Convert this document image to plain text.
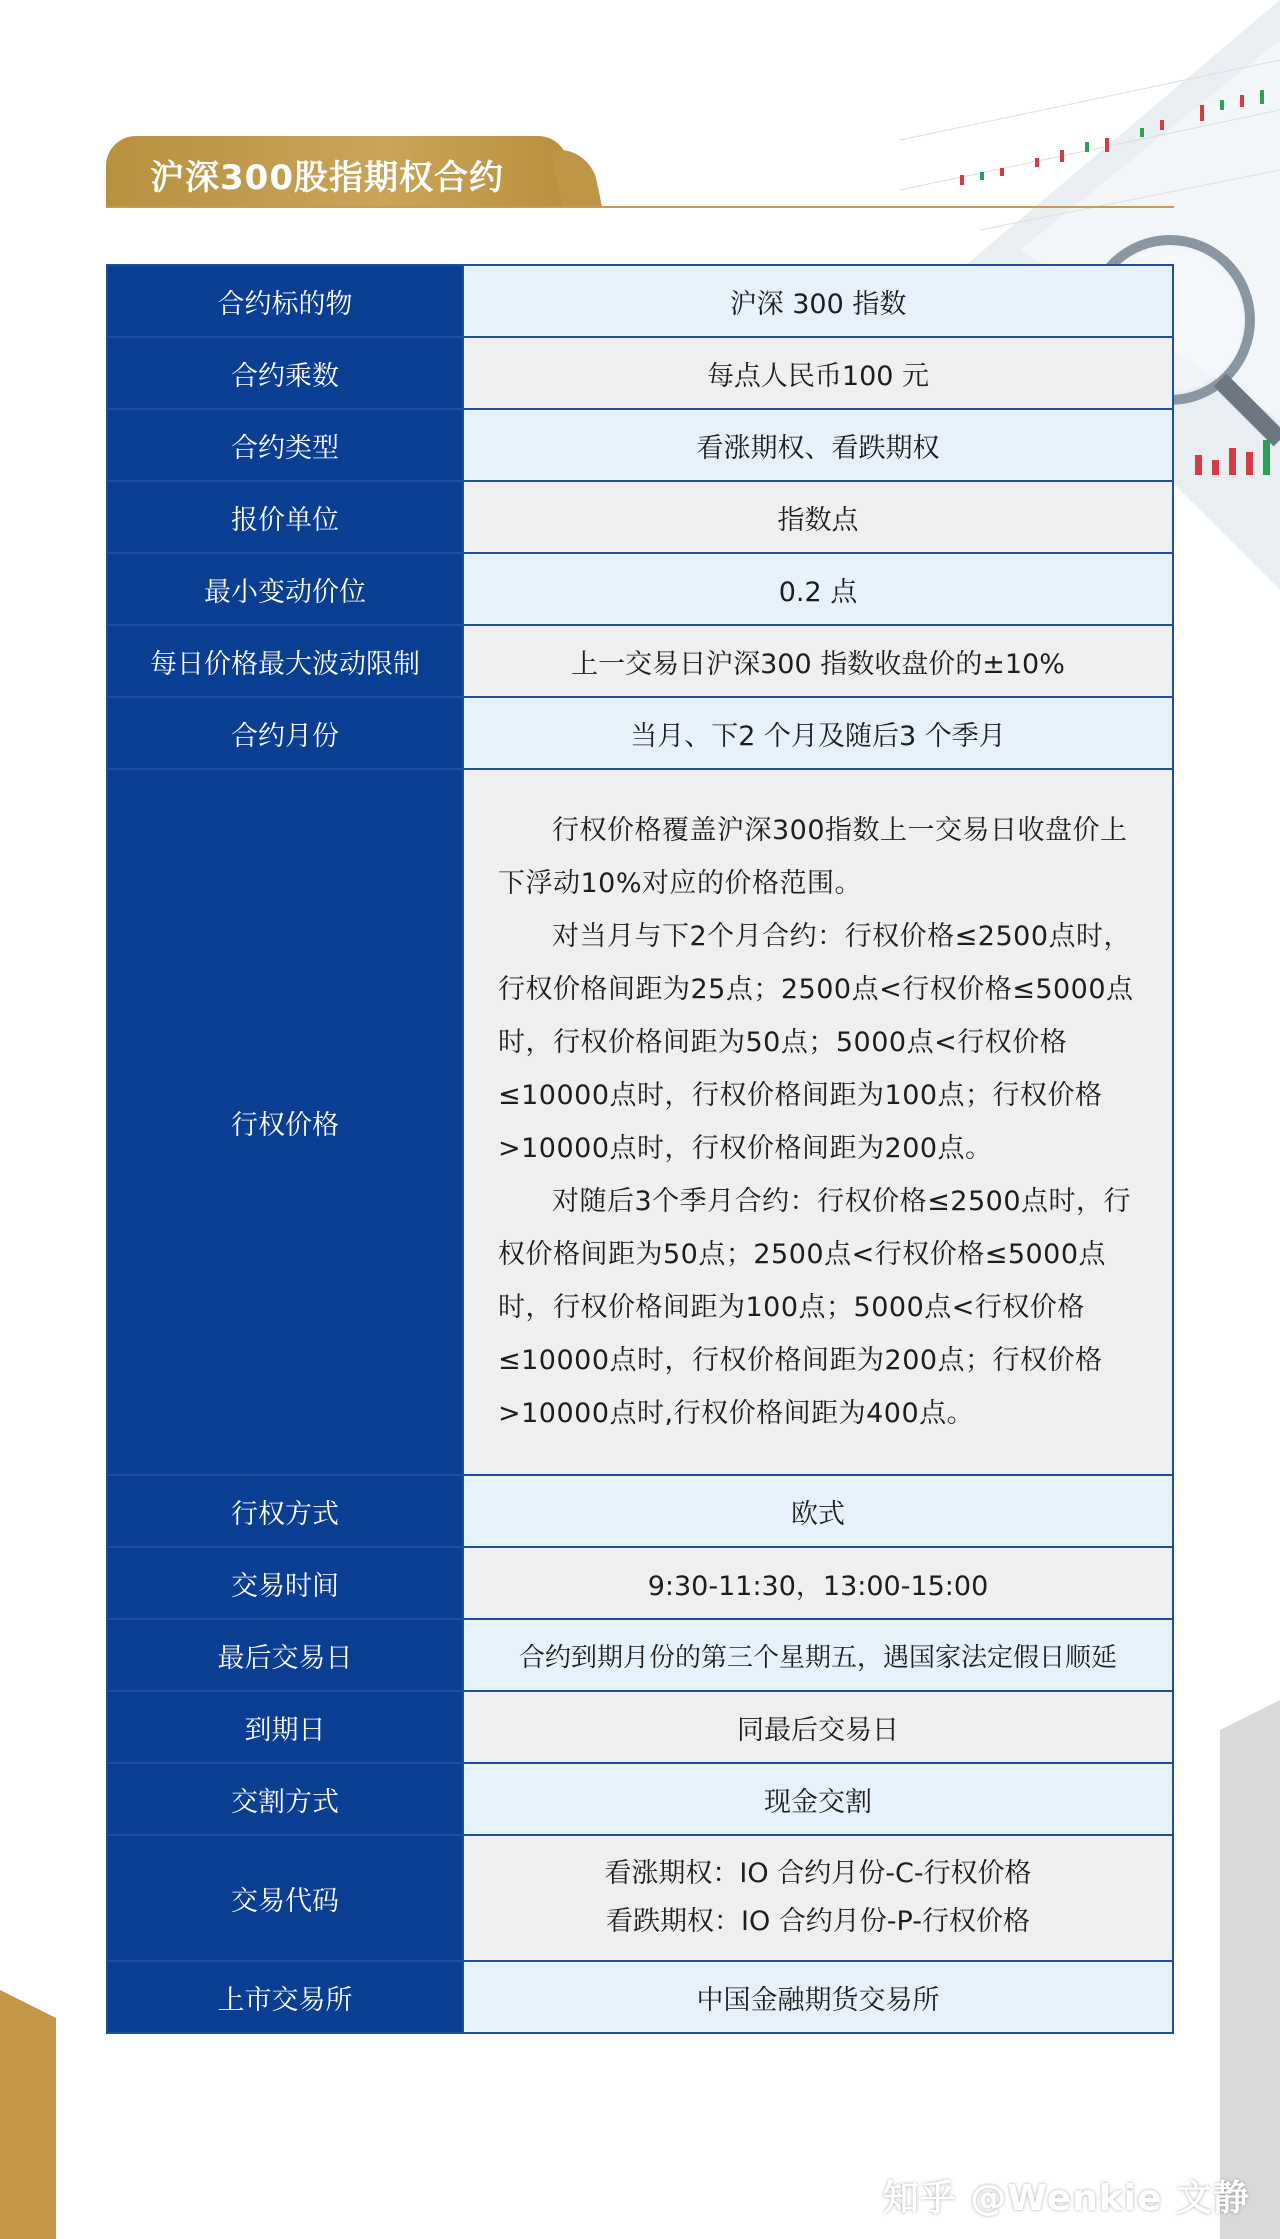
沪深300股指期权合约
合约标的物	沪深 300 指数
合约乘数	每点人民币100 元
合约类型	看涨期权、看跌期权
报价单位	指数点
最小变动价位	0.2 点
每日价格最大波动限制	上一交易日沪深300 指数收盘价的±10%
合约月份	当月、下2 个月及随后3 个季月
行权价格	行权价格覆盖沪深300指数上一交易日收盘价上下浮动10%对应的价格范围。

对当月与下2个月合约：行权价格≤2500点时，行权价格间距为25点；2500点<行权价格≤5000点时，行权价格间距为50点；5000点<行权价格≤10000点时，行权价格间距为100点；行权价格>10000点时，行权价格间距为200点。

对随后3个季月合约：行权价格≤2500点时，行权价格间距为50点；2500点<行权价格≤5000点时，行权价格间距为100点；5000点<行权价格≤10000点时，行权价格间距为200点；行权价格>10000点时,行权价格间距为400点。

行权方式	欧式
交易时间	9:30-11:30，13:00-15:00
最后交易日	合约到期月份的第三个星期五，遇国家法定假日顺延
到期日	同最后交易日
交割方式	现金交割
交易代码	看涨期权：IO 合约月份-C-行权价格
看跌期权：IO 合约月份-P-行权价格

上市交易所	中国金融期货交易所
知乎 @Wenkie 文静
